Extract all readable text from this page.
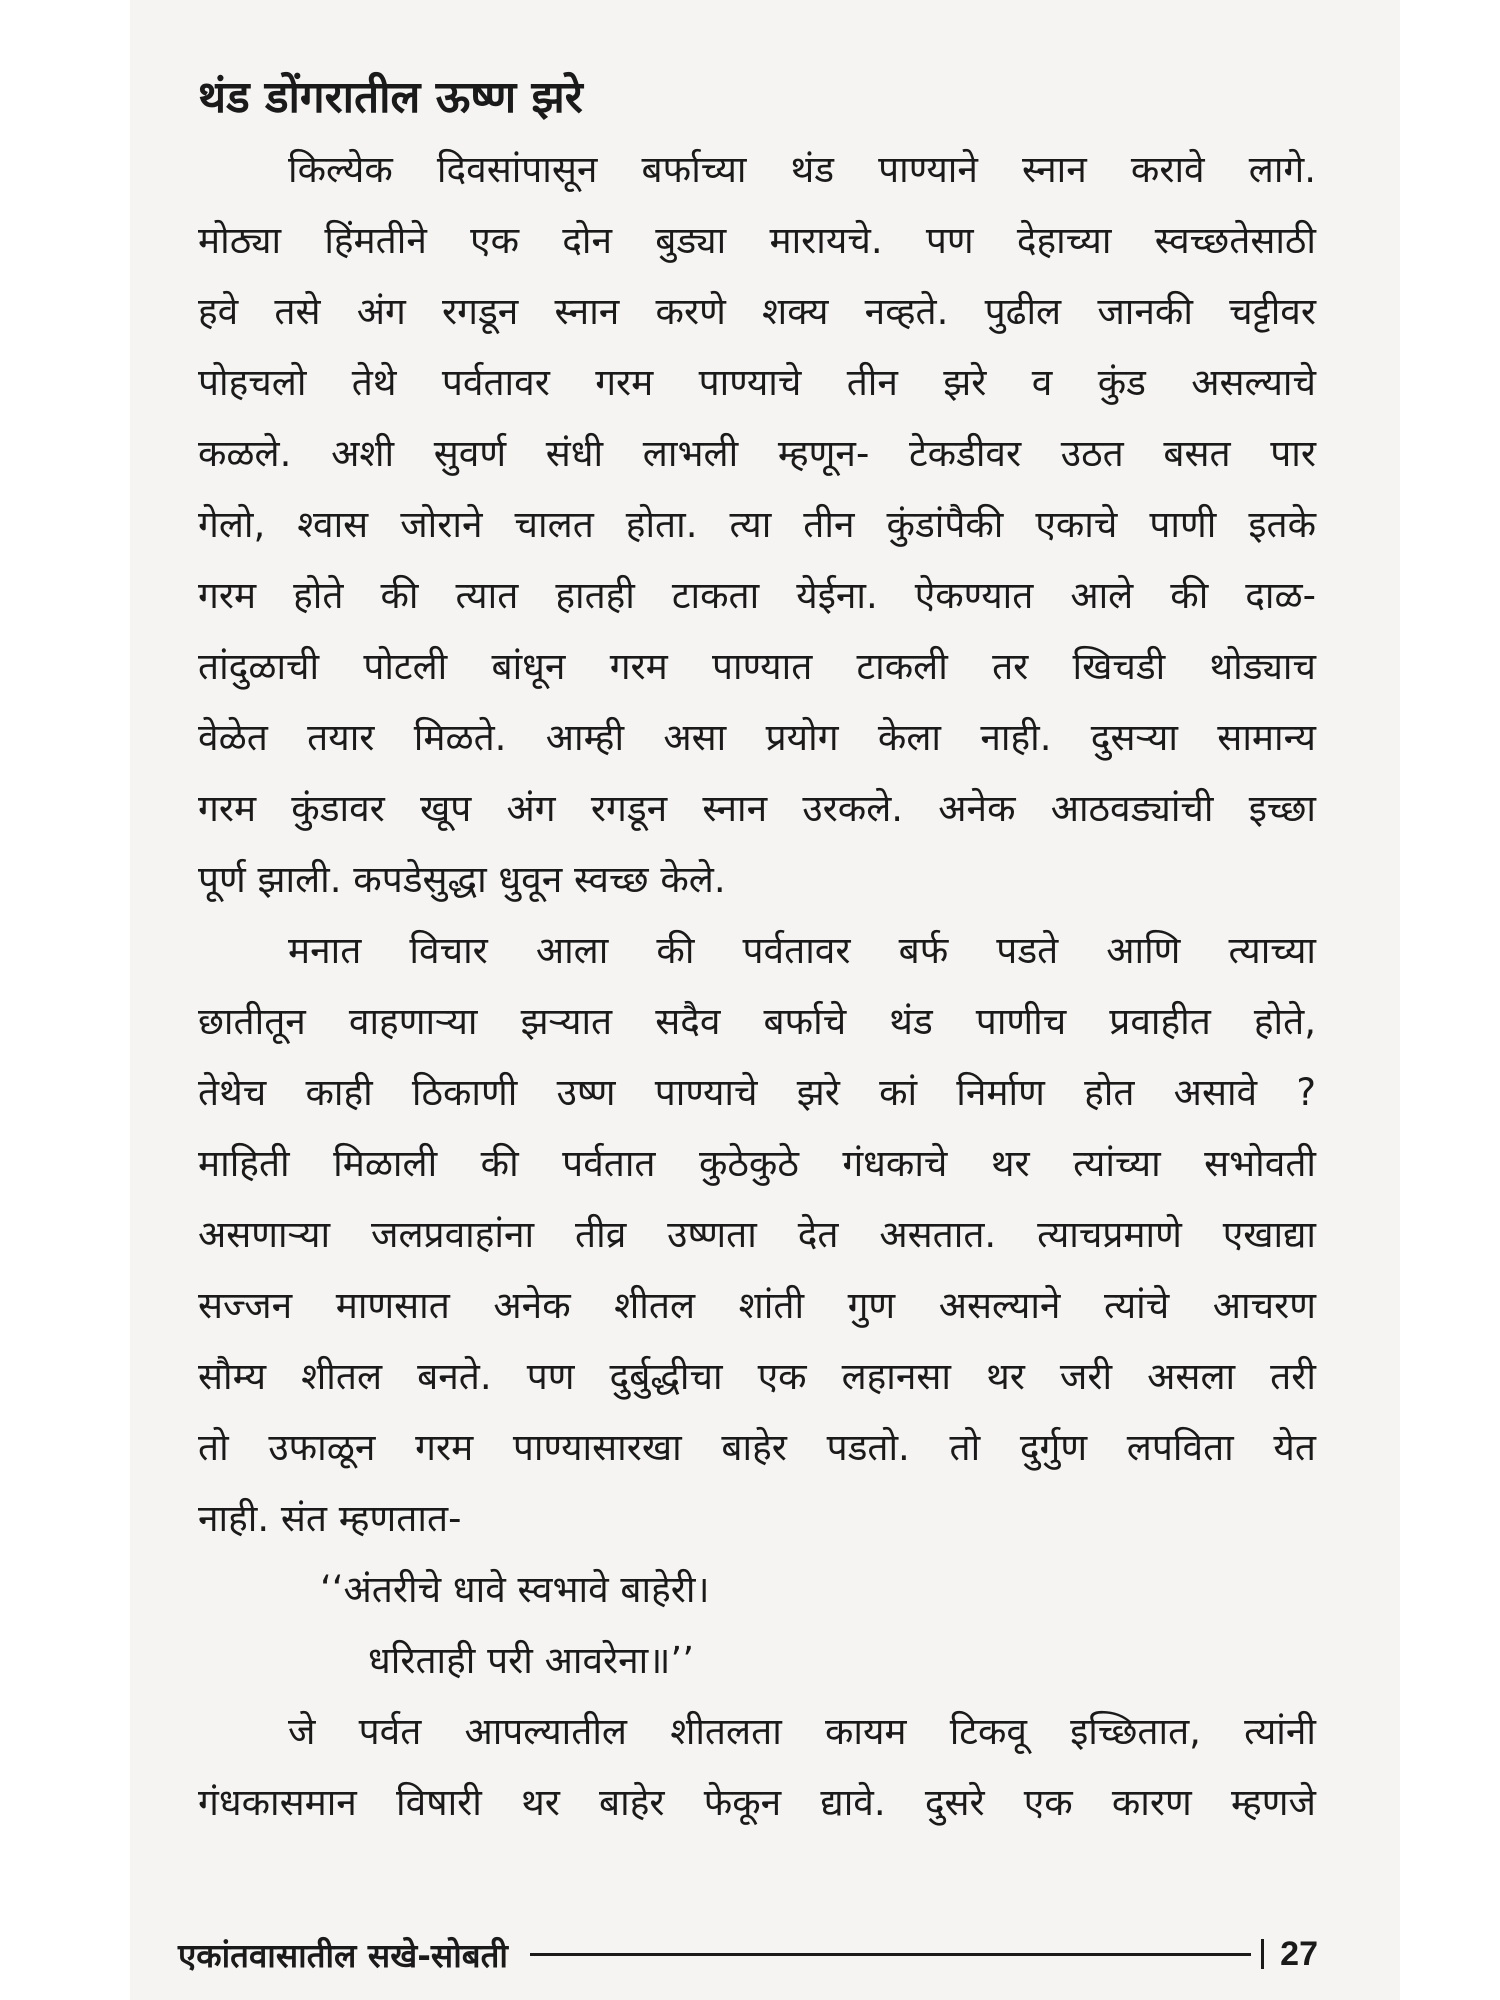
थंड डोंगरातील ऊष्ण झरे
किल्येक दिवसांपासून बर्फाच्या थंड पाण्याने स्नान करावे लागे.
मोठ्या हिंमतीने एक दोन बुड्या मारायचे. पण देहाच्या स्वच्छतेसाठी
हवे तसे अंग रगडून स्नान करणे शक्य नव्हते. पुढील जानकी चट्टीवर
पोहचलो तेथे पर्वतावर गरम पाण्याचे तीन झरे व कुंड असल्याचे
कळले. अशी सुवर्ण संधी लाभली म्हणून- टेकडीवर उठत बसत पार
गेलो, श्वास जोराने चालत होता. त्या तीन कुंडांपैकी एकाचे पाणी इतके
गरम होते की त्यात हातही टाकता येईना. ऐकण्यात आले की दाळ-
तांदुळाची पोटली बांधून गरम पाण्यात टाकली तर खिचडी थोड्याच
वेळेत तयार मिळते. आम्ही असा प्रयोग केला नाही. दुसऱ्या सामान्य
गरम कुंडावर खूप अंग रगडून स्नान उरकले. अनेक आठवड्यांची इच्छा
पूर्ण झाली. कपडेसुद्धा धुवून स्वच्छ केले.
मनात विचार आला की पर्वतावर बर्फ पडते आणि त्याच्या
छातीतून वाहणाऱ्या झऱ्यात सदैव बर्फाचे थंड पाणीच प्रवाहीत होते,
तेथेच काही ठिकाणी उष्ण पाण्याचे झरे कां निर्माण होत असावे ?
माहिती मिळाली की पर्वतात कुठेकुठे गंधकाचे थर त्यांच्या सभोवती
असणाऱ्या जलप्रवाहांना तीव्र उष्णता देत असतात. त्याचप्रमाणे एखाद्या
सज्जन माणसात अनेक शीतल शांती गुण असल्याने त्यांचे आचरण
सौम्य शीतल बनते. पण दुर्बुद्धीचा एक लहानसा थर जरी असला तरी
तो उफाळून गरम पाण्यासारखा बाहेर पडतो. तो दुर्गुण लपविता येत
नाही. संत म्हणतात-
‘‘अंतरीचे धावे स्वभावे बाहेरी।
धरिताही परी आवरेना॥’’
जे पर्वत आपल्यातील शीतलता कायम टिकवू इच्छितात, त्यांनी
गंधकासमान विषारी थर बाहेर फेकून द्यावे. दुसरे एक कारण म्हणजे
एकांतवासातील सखे-सोबती	27
